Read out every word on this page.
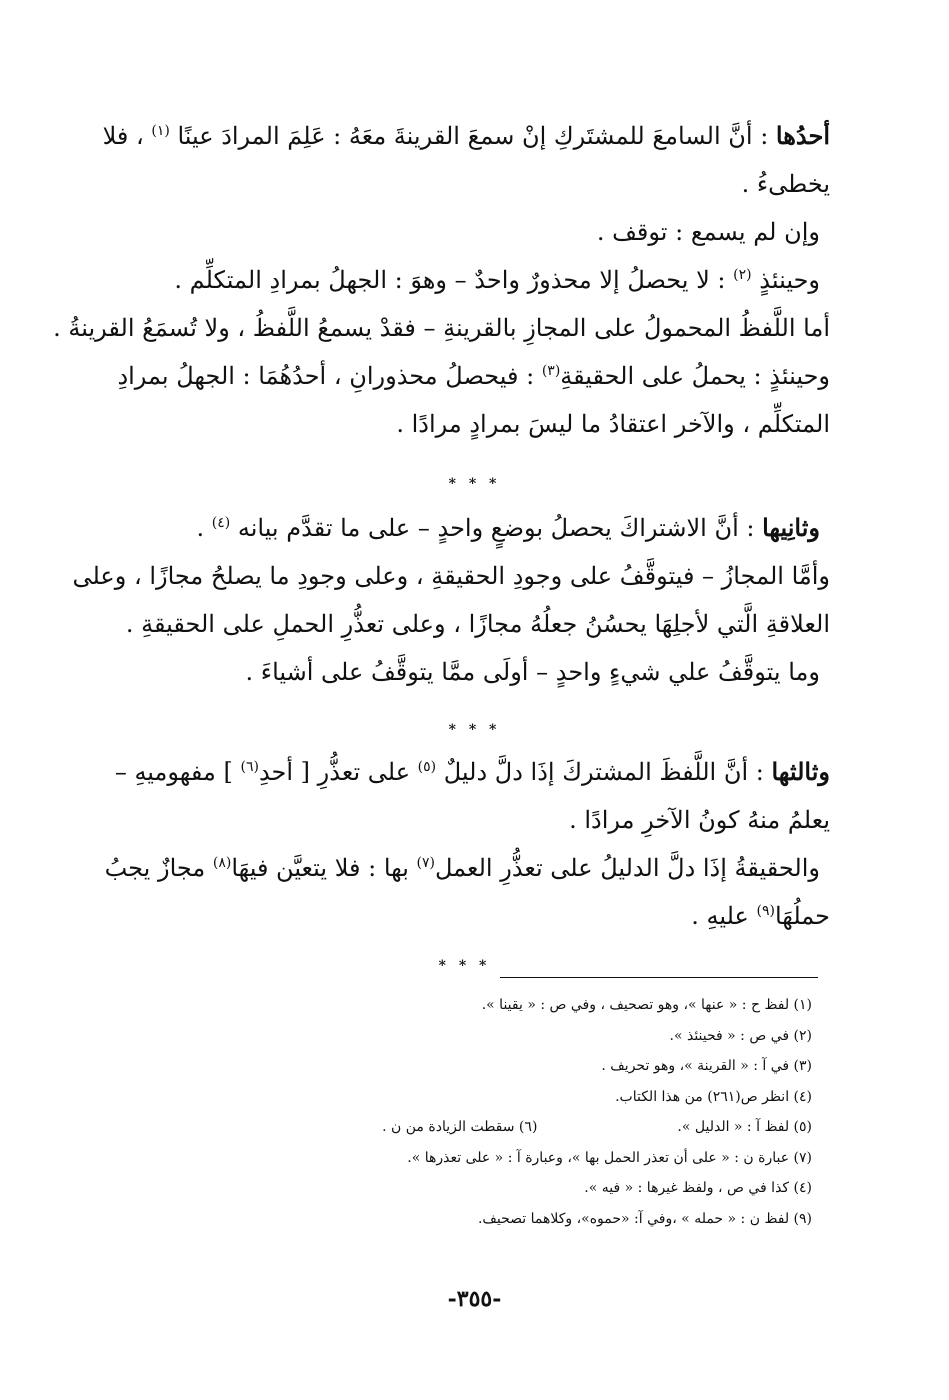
أحدُها : أنَّ السامعَ للمشتَركِ إنْ سمعَ القرينةَ معَهُ : عَلِمَ المرادَ عينًا $^{(١)}$ ، فلا
يخطىءُ .
وإن لم يسمع : توقف .
وحينئذٍ $^{(٢)}$ : لا يحصلُ إلا محذورٌ واحدٌ – وهوَ : الجهلُ بمرادِ المتكلِّم .
أما اللَّفظُ المحمولُ على المجازِ بالقرينةِ – فقدْ يسمعُ اللَّفظُ ، ولا تُسمَعُ القرينةُ .
وحينئذٍ : يحملُ على الحقيقةِ$^{(٣)}$ : فيحصلُ محذورانِ ، أحدُهُمَا : الجهلُ بمرادِ
المتكلِّم ، والآخر اعتقادُ ما ليسَ بمرادٍ مرادًا .
* * *
وثانِيها : أنَّ الاشتراكَ يحصلُ بوضعٍ واحدٍ – على ما تقدَّم بيانه $^{(٤)}$ .
وأمَّا المجازُ – فيتوقَّفُ على وجودِ الحقيقةِ ، وعلى وجودِ ما يصلحُ مجازًا ، وعلى
العلاقةِ الَّتي لأجلِهَا يحسُنُ جعلُهُ مجازًا ، وعلى تعذُّرِ الحملِ على الحقيقةِ .
وما يتوقَّفُ علي شيءٍ واحدٍ – أولَى ممَّا يتوقَّفُ على أشياءَ .
* * *
وثالثها : أنَّ اللَّفظَ المشتركَ إذَا دلَّ دليلٌ $^{(٥)}$ على تعذُّرِ [ أحدِ$^{(٦)}$ ] مفهوميهِ –
يعلمُ منهُ كونُ الآخرِ مرادًا .
والحقيقةُ إذَا دلَّ الدليلُ على تعذُّرِ العمل$^{(٧)}$ بها : فلا يتعيَّن فيهَا$^{(٨)}$ مجازٌ يجبُ
حملُهَا$^{(٩)}$ عليهِ .
* * *
(١) لفظ ح : « عنها »، وهو تصحيف ، وفي ص : « يقينا ».
(٢) في ص : « فحينئذ ».
(٣) في آ : « القرينة »، وهو تحريف .
(٤) انظر ص(٢٦١) من هذا الكتاب.
(٥) لفظ آ : « الدليل ».
(٦) سقطت الزيادة من ن .
(٧) عبارة ن : « على أن تعذر الحمل بها »، وعبارة آ : « على تعذرها ».
(٤) كذا في ص ، ولفظ غيرها : « فيه ».
(٩) لفظ ن : « حمله » ،وفي آ: «حموه»، وكلاهما تصحيف.
-٣٥٥-
